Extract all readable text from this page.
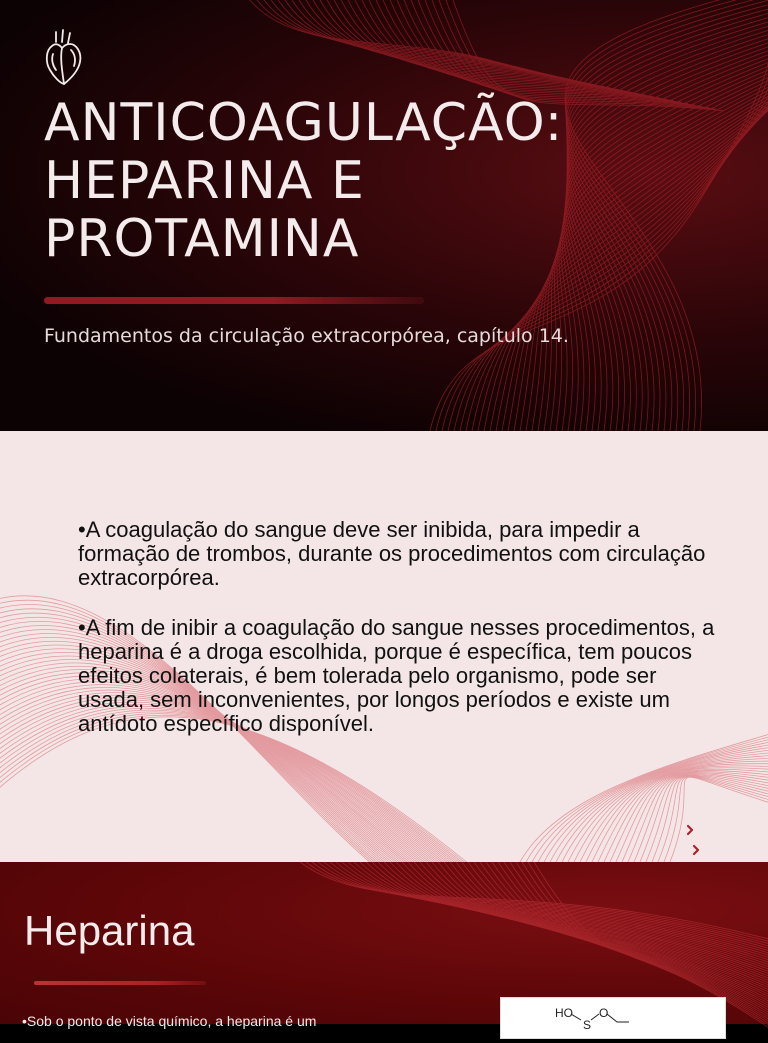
ANTICOAGULAÇÃO:
HEPARINA E
PROTAMINA
Fundamentos da circulação extracorpórea, capítulo 14.

•A coagulação do sangue deve ser inibida, para impedir a formação de trombos, durante os procedimentos com circulação extracorpórea.

•A fim de inibir a coagulação do sangue nesses procedimentos, a heparina é a droga escolhida, porque é específica, tem poucos efeitos colaterais, é bem tolerada pelo organismo, pode ser usada, sem inconvenientes, por longos períodos e existe um antídoto específico disponível.

Heparina
•Sob o ponto de vista químico, a heparina é um	HO
S
O
